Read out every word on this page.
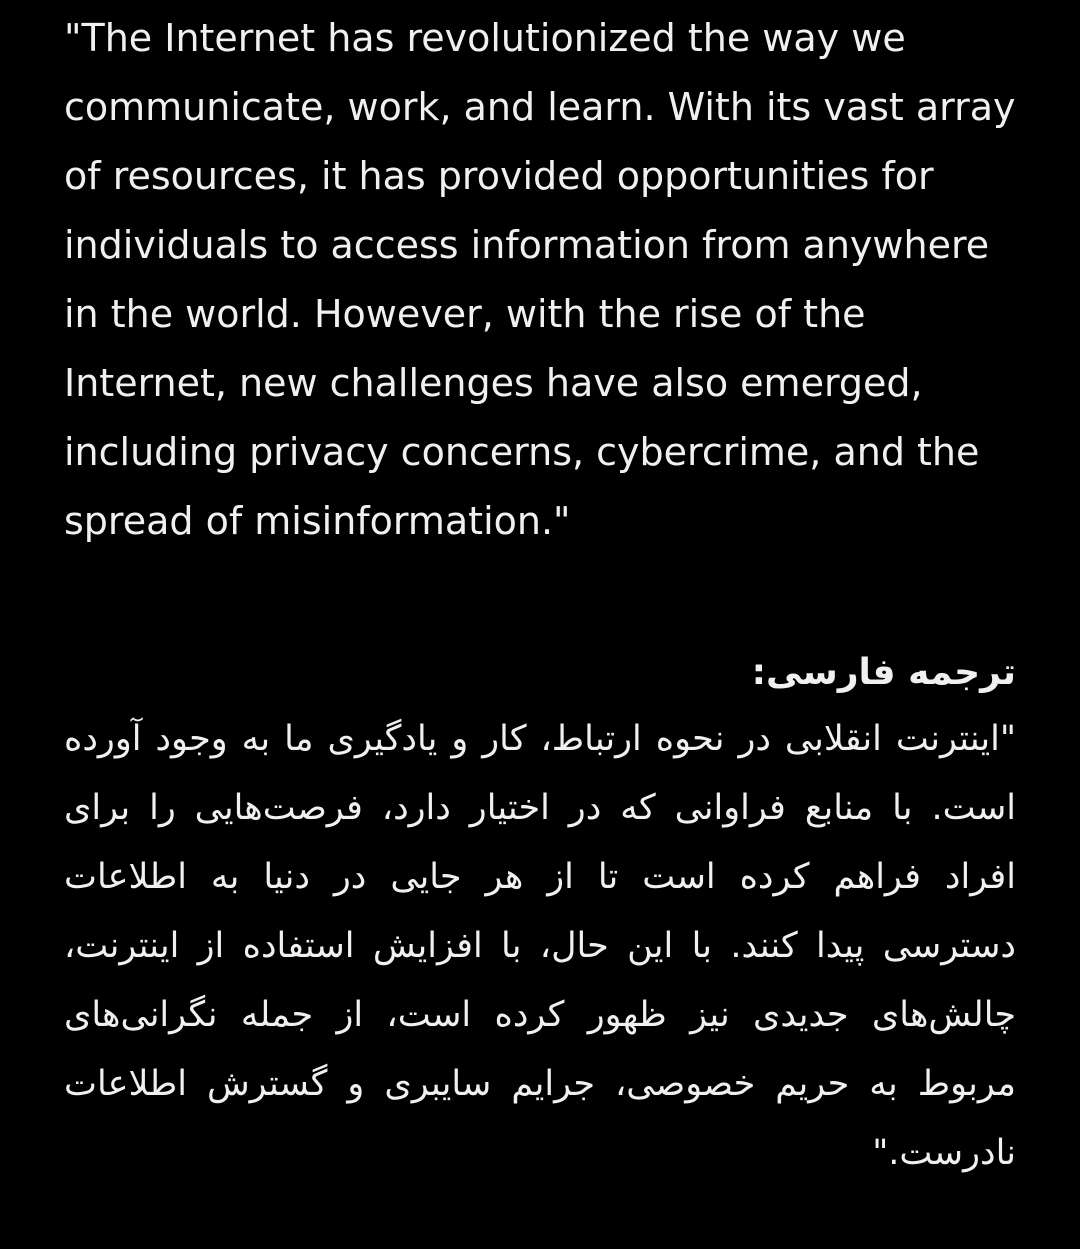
"The Internet has revolutionized the way we communicate, work, and learn. With its vast array of resources, it has provided opportunities for individuals to access information from anywhere in the world. However, with the rise of the Internet, new challenges have also emerged, including privacy concerns, cybercrime, and the spread of misinformation."

ترجمه فارسی:

"اینترنت انقلابی در نحوه ارتباط، کار و یادگیری ما به وجود آورده است. با منابع فراوانی که در اختیار دارد، فرصت‌هایی را برای افراد فراهم کرده است تا از هر جایی در دنیا به اطلاعات دسترسی پیدا کنند. با این حال، با افزایش استفاده از اینترنت، چالش‌های جدیدی نیز ظهور کرده است، از جمله نگرانی‌های مربوط به حریم خصوصی، جرایم سایبری و گسترش اطلاعات نادرست."
